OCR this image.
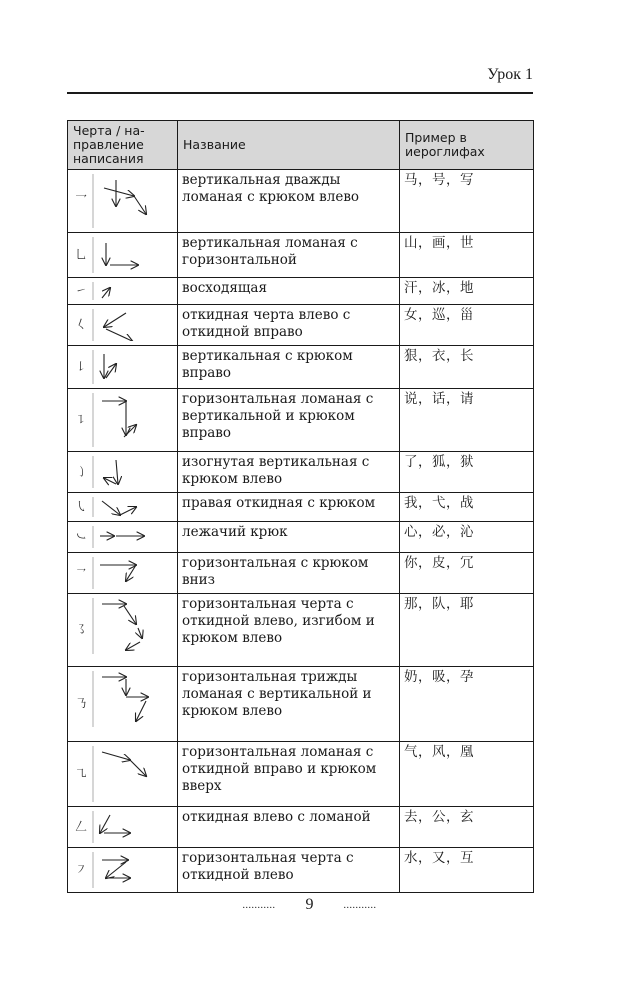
Урок 1
Черта / на-правление написания	Название	Пример в иероглифах

⺂	вертикальная дважды ломаная с крюком влево	马，号，写

乚	вертикальная ломаная с горизонтальной	山，画，世

㇀	восходящая	汗，冰，地

𡿨	откидная черта влево с откидной вправо	女，巡，甾

㇙	вертикальная с крюком вправо	狠，衣，长

㇊	горизонтальная ломаная с вертикальной и крюком вправо	说，话，请

㇁	изогнутая вертикальная с крюком влево	了，狐，狱

㇂	правая откидная с крюком	我，弋，战

㇃	лежачий крюк	心，必，沁

㇖	горизонтальная с крюком вниз	你，皮，冗

㇌	горизонтальная черта с откидной влево, изгибом и крюком влево	那，队，耶

㇡	горизонтальная трижды ломаная с вертикальной и крюком влево	奶，吸，孕

㇈	горизонтальная ломаная с откидной вправо и крюком вверх	气，风，凰

𠃋	откидная влево с ломаной	去，公，玄

㇇	горизонтальная черта с откидной влево	水，又，互
........... 9	...........
